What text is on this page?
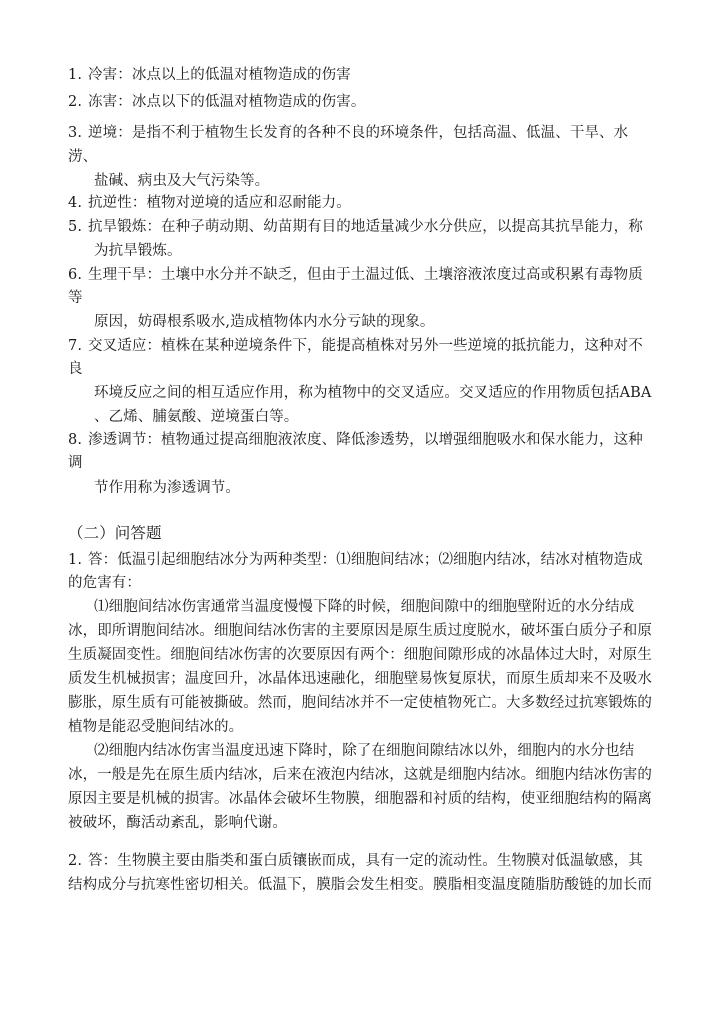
1. 冷害：冰点以上的低温对植物造成的伤害
2. 冻害：冰点以下的低温对植物造成的伤害。
3. 逆境：是指不利于植物生长发育的各种不良的环境条件，包括高温、低温、干旱、水
涝、
盐碱、病虫及大气污染等。
4. 抗逆性：植物对逆境的适应和忍耐能力。
5. 抗旱锻炼：在种子萌动期、幼苗期有目的地适量减少水分供应，以提高其抗旱能力，称
为抗旱锻炼。
6. 生理干旱：土壤中水分并不缺乏，但由于土温过低、土壤溶液浓度过高或积累有毒物质
等
原因，妨碍根系吸水,造成植物体内水分亏缺的现象。
7. 交叉适应：植株在某种逆境条件下，能提高植株对另外一些逆境的抵抗能力，这种对不
良
环境反应之间的相互适应作用，称为植物中的交叉适应。交叉适应的作用物质包括ABA
、乙烯、脯氨酸、逆境蛋白等。
8. 渗透调节：植物通过提高细胞液浓度、降低渗透势，以增强细胞吸水和保水能力，这种
调
节作用称为渗透调节。
（二）问答题
1. 答：低温引起细胞结冰分为两种类型：⑴细胞间结冰；⑵细胞内结冰，结冰对植物造成
的危害有：
⑴细胞间结冰伤害通常当温度慢慢下降的时候，细胞间隙中的细胞壁附近的水分结成
冰，即所谓胞间结冰。细胞间结冰伤害的主要原因是原生质过度脱水，破坏蛋白质分子和原
生质凝固变性。细胞间结冰伤害的次要原因有两个：细胞间隙形成的冰晶体过大时，对原生
质发生机械损害；温度回升，冰晶体迅速融化，细胞壁易恢复原状，而原生质却来不及吸水
膨胀，原生质有可能被撕破。然而，胞间结冰并不一定使植物死亡。大多数经过抗寒锻炼的
植物是能忍受胞间结冰的。
⑵细胞内结冰伤害当温度迅速下降时，除了在细胞间隙结冰以外，细胞内的水分也结
冰，一般是先在原生质内结冰，后来在液泡内结冰，这就是细胞内结冰。细胞内结冰伤害的
原因主要是机械的损害。冰晶体会破坏生物膜，细胞器和衬质的结构，使亚细胞结构的隔离
被破坏，酶活动紊乱，影响代谢。
2. 答：生物膜主要由脂类和蛋白质镶嵌而成，具有一定的流动性。生物膜对低温敏感，其
结构成分与抗寒性密切相关。低温下，膜脂会发生相变。膜脂相变温度随脂肪酸链的加长而
